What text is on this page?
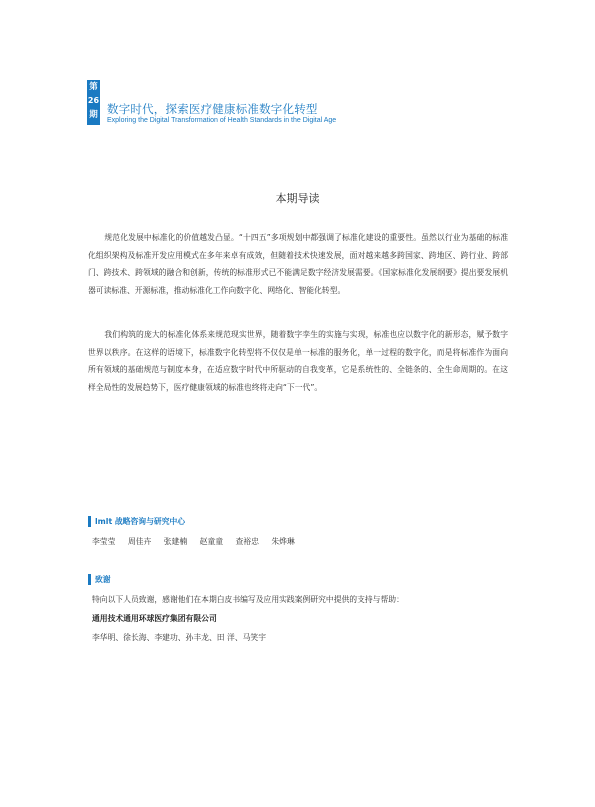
第
26
期 数字时代，探索医疗健康标准数字化转型
Exploring the Digital Transformation of Health Standards in the Digital Age
本期导读

规范化发展中标准化的价值越发凸显。“十四五”多项规划中都强调了标准化建设的重要性。虽然以行业为基础的标准化组织架构及标准开发应用模式在多年来卓有成效，但随着技术快速发展，面对越来越多跨国家、跨地区、跨行业、跨部门、跨技术、跨领域的融合和创新，传统的标准形式已不能满足数字经济发展需要。《国家标准化发展纲要》提出要发展机器可读标准、开源标准，推动标准化工作向数字化、网络化、智能化转型。

我们构筑的庞大的标准化体系来规范现实世界，随着数字孪生的实施与实现，标准也应以数字化的新形态，赋予数字世界以秩序。在这样的语境下，标准数字化转型将不仅仅是单一标准的服务化，单一过程的数字化，而是将标准作为面向所有领域的基础规范与制度本身，在适应数字时代中所驱动的自我变革，它是系统性的、全链条的、全生命周期的。在这样全局性的发展趋势下，医疗健康领域的标准也终将走向“下一代”。

lmlt 战略咨询与研究中心
李莹莹 周佳卉 张建楠 赵童童 查裕忠 朱烨琳
致谢
特向以下人员致谢，感谢他们在本期白皮书编写及应用实践案例研究中提供的支持与帮助：
通用技术通用环球医疗集团有限公司
李华明、徐长海、李建功、孙丰龙、田 洋、马笑宇
